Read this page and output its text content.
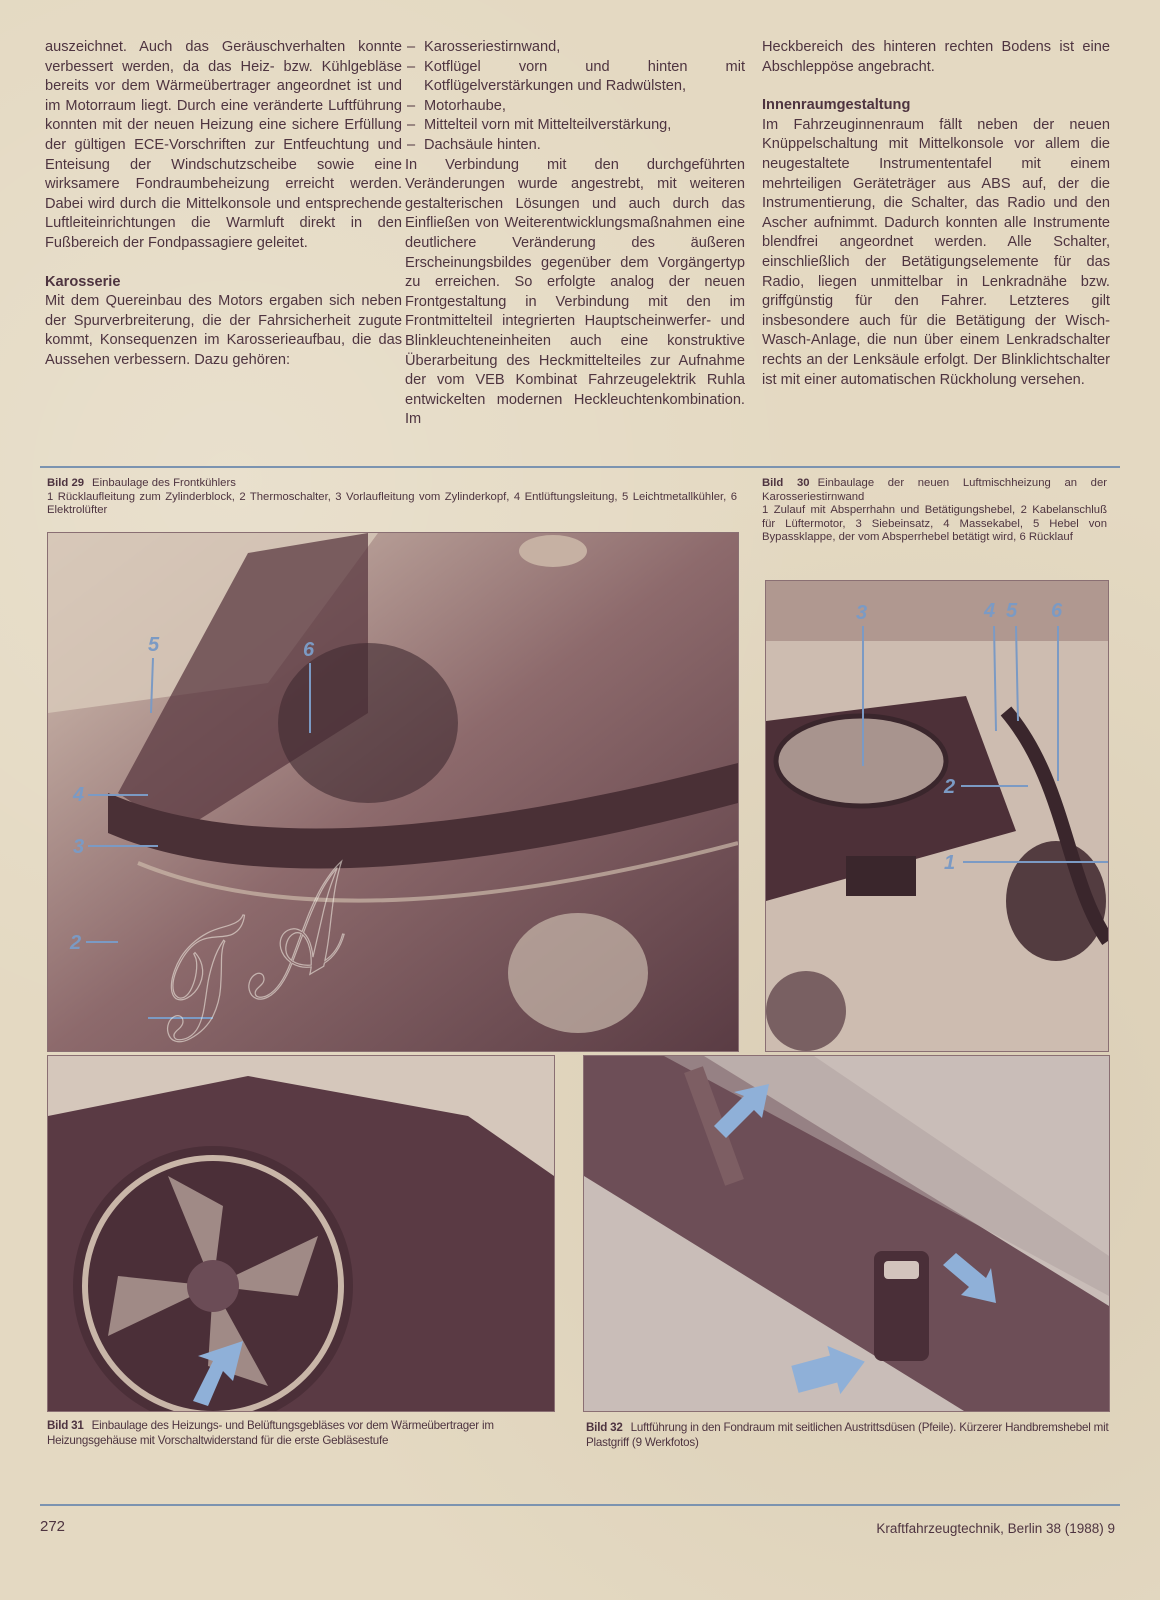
auszeichnet. Auch das Geräuschverhalten konnte verbessert werden, da das Heiz- bzw. Kühlgebläse bereits vor dem Wärmeübertrager angeordnet ist und im Motorraum liegt. Durch eine veränderte Luftführung konnten mit der neuen Heizung eine sichere Erfüllung der gültigen ECE-Vorschriften zur Entfeuchtung und Enteisung der Windschutzscheibe sowie eine wirksamere Fondraumbeheizung erreicht werden. Dabei wird durch die Mittelkonsole und entsprechende Luftleiteinrichtungen die Warmluft direkt in den Fußbereich der Fondpassagiere geleitet.

Karosserie

Mit dem Quereinbau des Motors ergaben sich neben der Spurverbreiterung, die der Fahrsicherheit zugute kommt, Konsequenzen im Karosserieaufbau, die das Aussehen verbessern. Dazu gehören:

– Karosseriestirnwand,
– Kotflügel vorn und hinten mit Kotflügelverstärkungen und Radwülsten,
– Motorhaube,
– Mittelteil vorn mit Mittelteilverstärkung,
– Dachsäule hinten.

In Verbindung mit den durchgeführten Veränderungen wurde angestrebt, mit weiteren gestalterischen Lösungen und auch durch das Einfließen von Weiterentwicklungsmaßnahmen eine deutlichere Veränderung des äußeren Erscheinungsbildes gegenüber dem Vorgängertyp zu erreichen. So erfolgte analog der neuen Frontgestaltung in Verbindung mit den im Frontmittelteil integrierten Hauptscheinwerfer- und Blinkleuchteneinheiten auch eine konstruktive Überarbeitung des Heckmittelteiles zur Aufnahme der vom VEB Kombinat Fahrzeugelektrik Ruhla entwickelten modernen Heckleuchtenkombination. Im

Heckbereich des hinteren rechten Bodens ist eine Abschleppöse angebracht.

Innenraumgestaltung

Im Fahrzeuginnenraum fällt neben der neuen Knüppelschaltung mit Mittelkonsole vor allem die neugestaltete Instrumententafel mit einem mehrteiligen Geräteträger aus ABS auf, der die Instrumentierung, die Schalter, das Radio und den Ascher aufnimmt. Dadurch konnten alle Instrumente blendfrei angeordnet werden. Alle Schalter, einschließlich der Betätigungselemente für das Radio, liegen unmittelbar in Lenkradnähe bzw. griffgünstig für den Fahrer. Letzteres gilt insbesondere auch für die Betätigung der Wisch-Wasch-Anlage, die nun über einem Lenkradschalter rechts an der Lenksäule erfolgt. Der Blinklichtschalter ist mit einer automatischen Rückholung versehen.

Bild 29 Einbaulage des Frontkühlers
1 Rücklaufleitung zum Zylinderblock, 2 Thermoschalter, 3 Vorlaufleitung vom Zylinderkopf, 4 Entlüftungsleitung, 5 Leichtmetallkühler, 6 Elektrolüfter
Bild 30 Einbaulage der neuen Luftmischheizung an der Karosseriestirnwand
1 Zulauf mit Absperrhahn und Betätigungshebel, 2 Kabelanschluß für Lüftermotor, 3 Siebeinsatz, 4 Massekabel, 5 Hebel von Bypassklappe, der vom Absperrhebel betätigt wird, 6 Rücklauf
5	6
4
3
2
3	4 5 6
2
1
Bild 31 Einbaulage des Heizungs- und Belüftungsgebläses vor dem Wärmeübertrager im Heizungsgehäuse mit Vorschaltwiderstand für die erste Gebläsestufe
Bild 32 Luftführung in den Fondraum mit seitlichen Austrittsdüsen (Pfeile). Kürzerer Handbremshebel mit Plastgriff (9 Werkfotos)
272	Kraftfahrzeugtechnik, Berlin 38 (1988) 9
